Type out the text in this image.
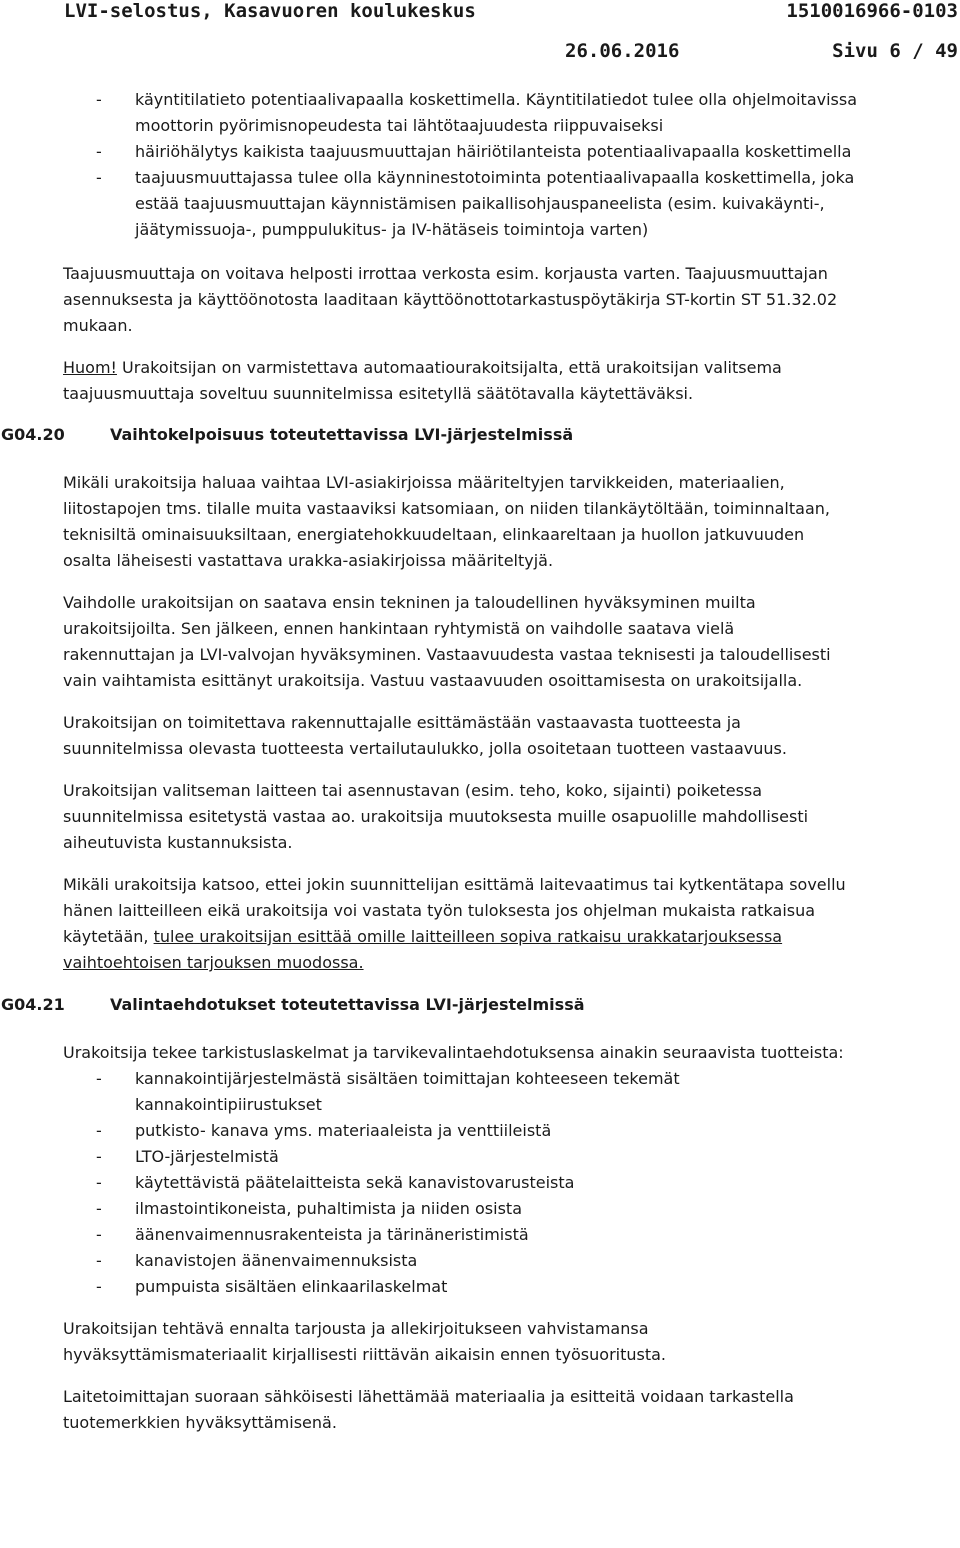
LVI-selostus, Kasavuoren koulukeskus	1510016966-0103
26.06.2016	Sivu 6 / 49
-	käyntitilatieto potentiaalivapaalla koskettimella. Käyntitilatiedot tulee olla ohjelmoitavissa
moottorin pyörimisnopeudesta tai lähtötaajuudesta riippuvaiseksi
-	häiriöhälytys kaikista taajuusmuuttajan häiriötilanteista potentiaalivapaalla koskettimella
-	taajuusmuuttajassa tulee olla käynninestotoiminta potentiaalivapaalla koskettimella, joka
estää taajuusmuuttajan käynnistämisen paikallisohjauspaneelista (esim. kuivakäynti-,
jäätymissuoja-, pumppulukitus- ja IV-hätäseis toimintoja varten)
Taajuusmuuttaja on voitava helposti irrottaa verkosta esim. korjausta varten. Taajuusmuuttajan
asennuksesta ja käyttöönotosta laaditaan käyttöönottotarkastuspöytäkirja ST-kortin ST 51.32.02
mukaan.
Huom! Urakoitsijan on varmistettava automaatiourakoitsijalta, että urakoitsijan valitsema
taajuusmuuttaja soveltuu suunnitelmissa esitetyllä säätötavalla käytettäväksi.
G04.20	Vaihtokelpoisuus toteutettavissa LVI-järjestelmissä
Mikäli urakoitsija haluaa vaihtaa LVI-asiakirjoissa määriteltyjen tarvikkeiden, materiaalien,
liitostapojen tms. tilalle muita vastaaviksi katsomiaan, on niiden tilankäytöltään, toiminnaltaan,
teknisiltä ominaisuuksiltaan, energiatehokkuudeltaan, elinkaareltaan ja huollon jatkuvuuden
osalta läheisesti vastattava urakka-asiakirjoissa määriteltyjä.
Vaihdolle urakoitsijan on saatava ensin tekninen ja taloudellinen hyväksyminen muilta
urakoitsijoilta. Sen jälkeen, ennen hankintaan ryhtymistä on vaihdolle saatava vielä
rakennuttajan ja LVI-valvojan hyväksyminen. Vastaavuudesta vastaa teknisesti ja taloudellisesti
vain vaihtamista esittänyt urakoitsija. Vastuu vastaavuuden osoittamisesta on urakoitsijalla.
Urakoitsijan on toimitettava rakennuttajalle esittämästään vastaavasta tuotteesta ja
suunnitelmissa olevasta tuotteesta vertailutaulukko, jolla osoitetaan tuotteen vastaavuus.
Urakoitsijan valitseman laitteen tai asennustavan (esim. teho, koko, sijainti) poiketessa
suunnitelmissa esitetystä vastaa ao. urakoitsija muutoksesta muille osapuolille mahdollisesti
aiheutuvista kustannuksista.
Mikäli urakoitsija katsoo, ettei jokin suunnittelijan esittämä laitevaatimus tai kytkentätapa sovellu
hänen laitteilleen eikä urakoitsija voi vastata työn tuloksesta jos ohjelman mukaista ratkaisua
käytetään, tulee urakoitsijan esittää omille laitteilleen sopiva ratkaisu urakkatarjouksessa
vaihtoehtoisen tarjouksen muodossa.
G04.21	Valintaehdotukset toteutettavissa LVI-järjestelmissä
Urakoitsija tekee tarkistuslaskelmat ja tarvikevalintaehdotuksensa ainakin seuraavista tuotteista:
-	kannakointijärjestelmästä sisältäen toimittajan kohteeseen tekemät
kannakointipiirustukset
-	putkisto- kanava yms. materiaaleista ja venttiileistä
-	LTO-järjestelmistä
-	käytettävistä päätelaitteista sekä kanavistovarusteista
-	ilmastointikoneista, puhaltimista ja niiden osista
-	äänenvaimennusrakenteista ja tärinäneristimistä
-	kanavistojen äänenvaimennuksista
-	pumpuista sisältäen elinkaarilaskelmat
Urakoitsijan tehtävä ennalta tarjousta ja allekirjoitukseen vahvistamansa
hyväksyttämismateriaalit kirjallisesti riittävän aikaisin ennen työsuoritusta.
Laitetoimittajan suoraan sähköisesti lähettämää materiaalia ja esitteitä voidaan tarkastella
tuotemerkkien hyväksyttämisenä.
